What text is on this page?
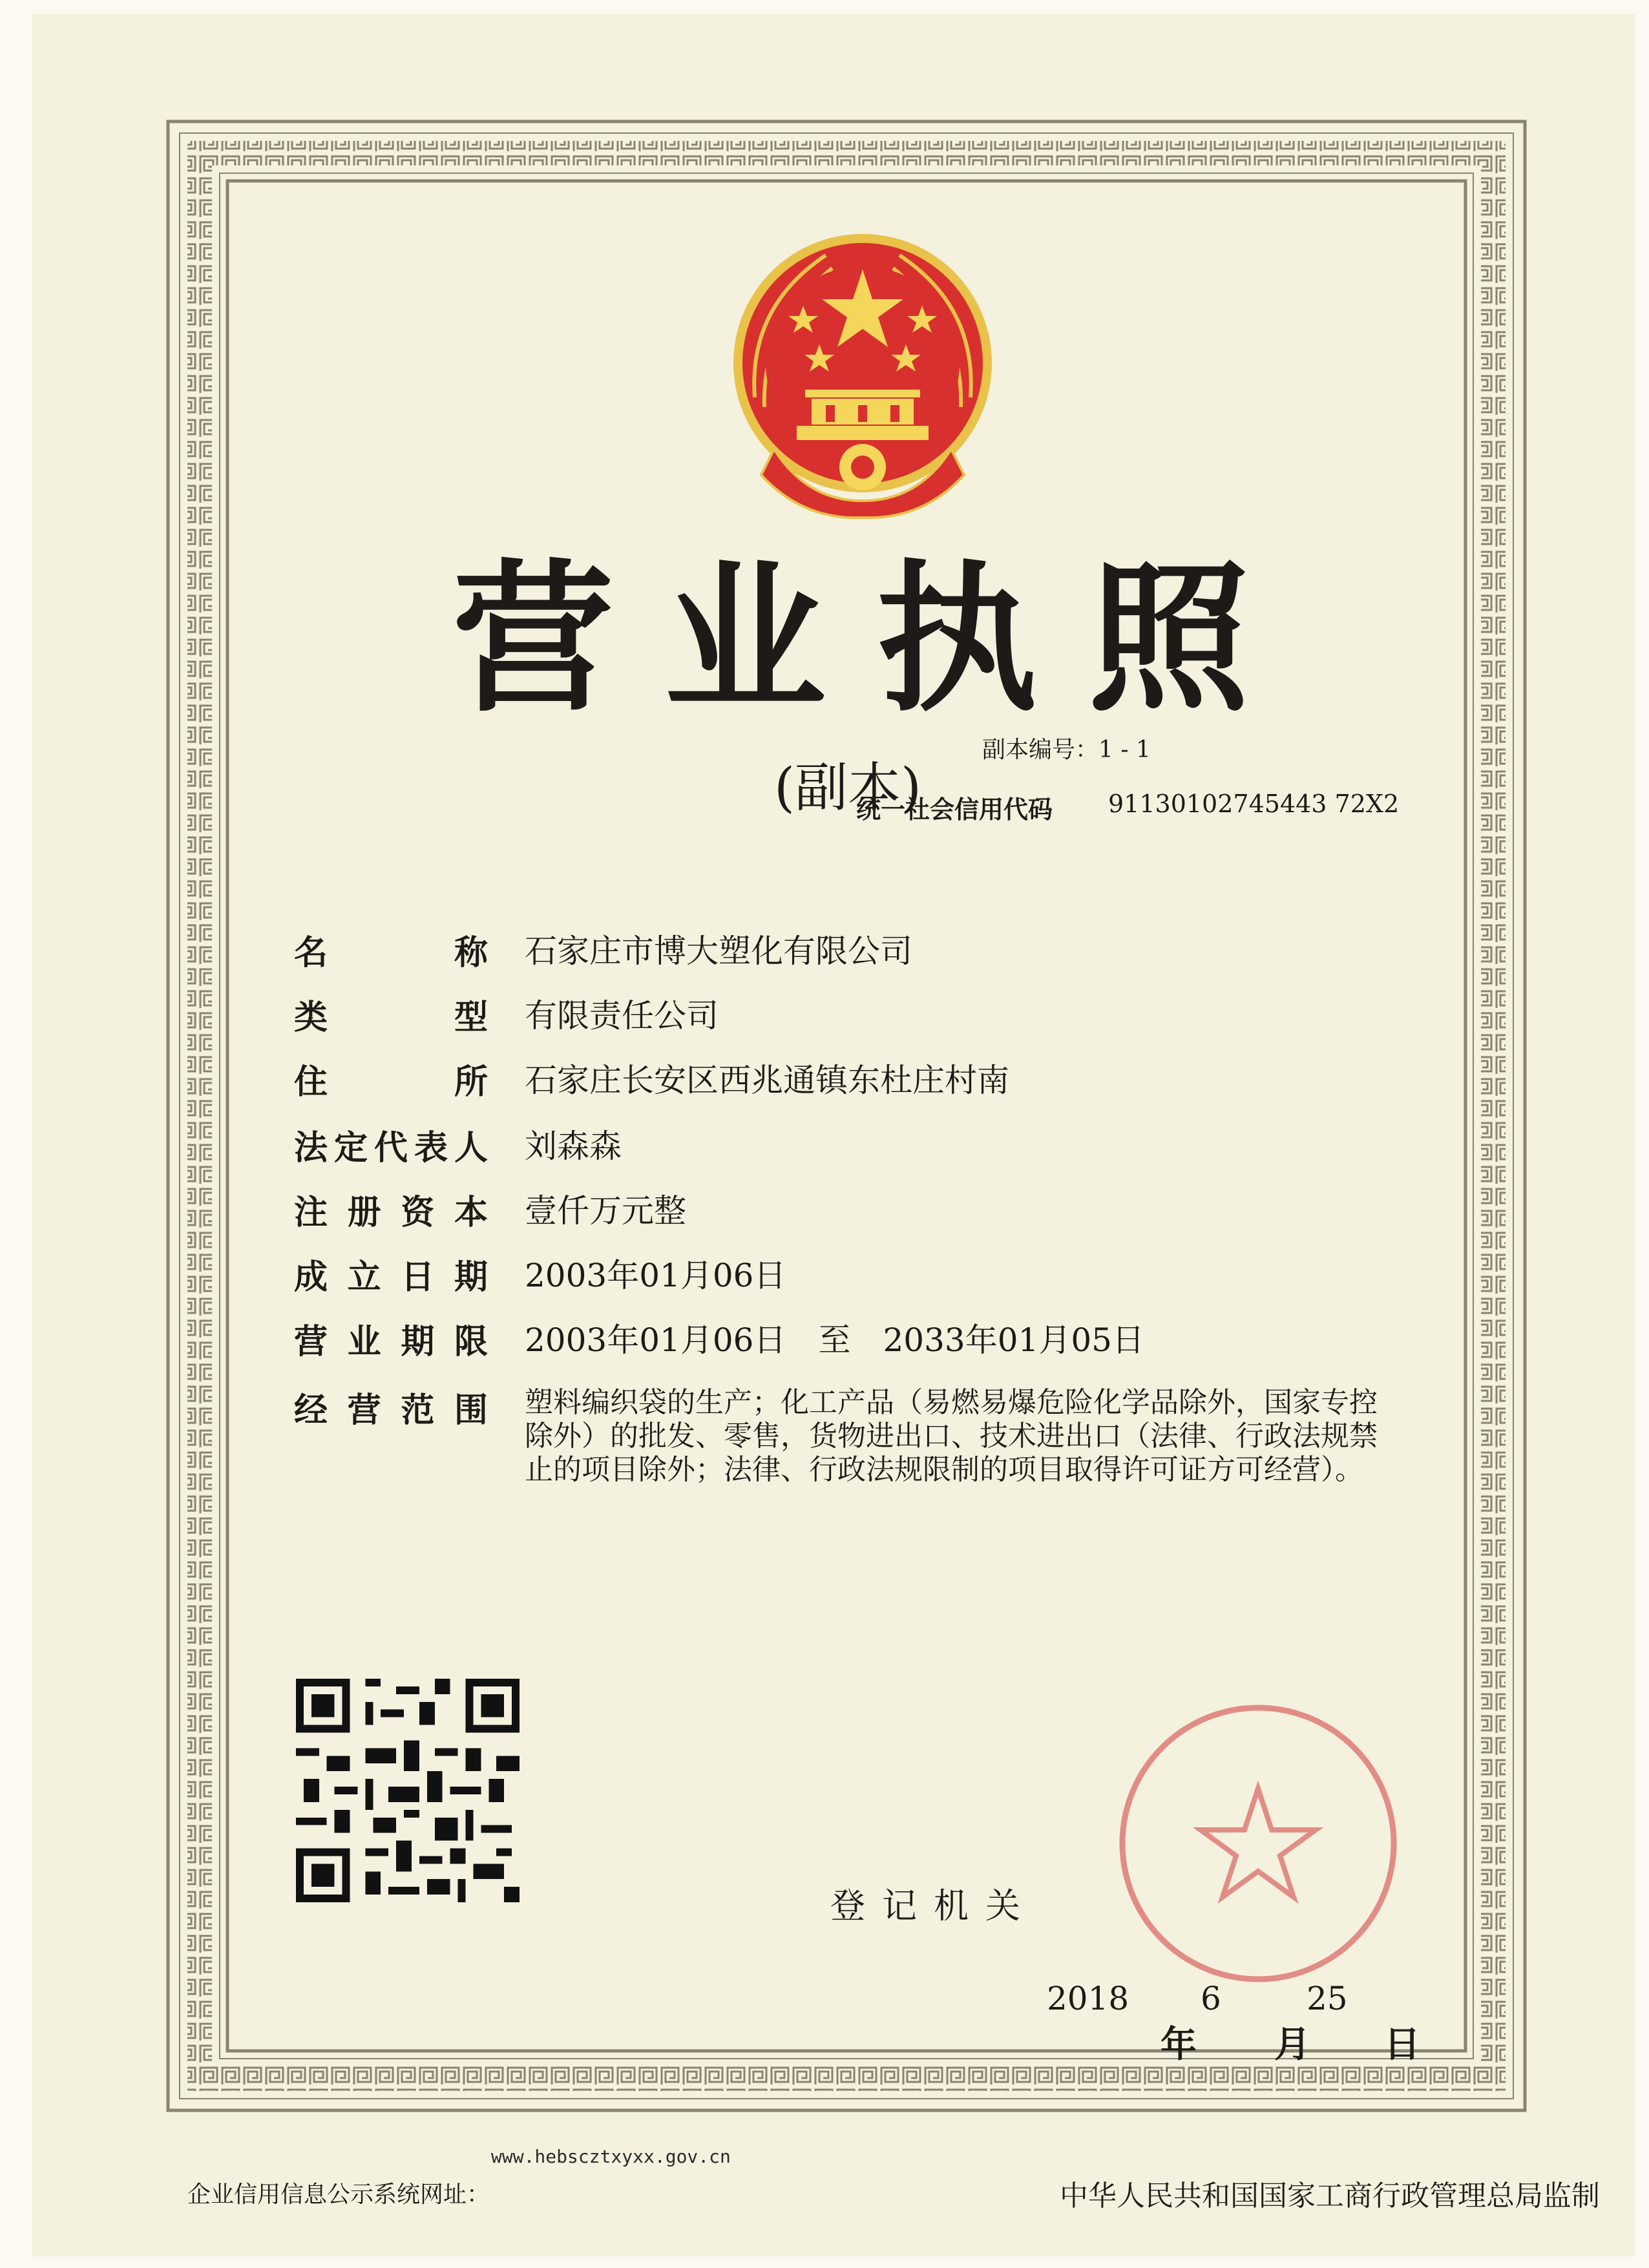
营业执照
副本编号：1 - 1
(副本)
统一社会信用代码 91130102745443 72X2
名　称 石家庄市博大塑化有限公司
类　型 有限责任公司
住　所 石家庄长安区西兆通镇东杜庄村南
法定代表人 刘森森
注册资本 壹仟万元整
成立日期 2003年01月06日
营业期限 2003年01月06日　至　2033年01月05日
经营范围 塑料编织袋的生产；化工产品（易燃易爆危险化学品除外，国家专控除外）的批发、零售，货物进出口、技术进出口（法律、行政法规禁止的项目除外；法律、行政法规限制的项目取得许可证方可经营）。
登记机关
2018 6	25
年 月 日
www.hebscztxyxx.gov.cn
企业信用信息公示系统网址：	中华人民共和国国家工商行政管理总局监制
